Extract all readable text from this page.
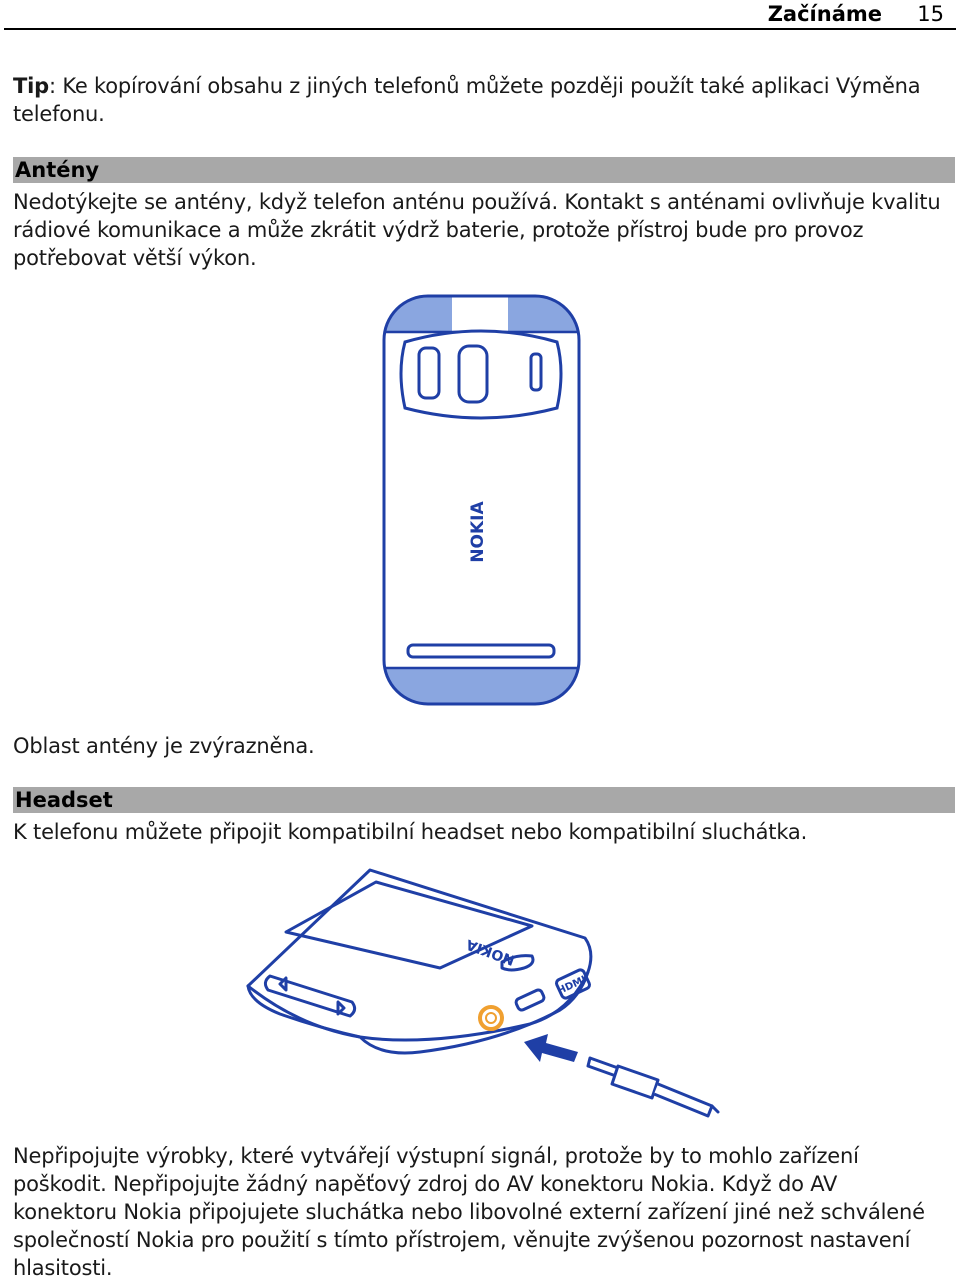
Začínáme 15
Tip: Ke kopírování obsahu z jiných telefonů můžete později použít také aplikaci Výměna telefonu.
Antény
Nedotýkejte se antény, když telefon anténu používá. Kontakt s anténami ovlivňuje kvalitu rádiové komunikace a může zkrátit výdrž baterie, protože přístroj bude pro provoz potřebovat větší výkon.
NOKIA
Oblast antény je zvýrazněna.
Headset
K telefonu můžete připojit kompatibilní headset nebo kompatibilní sluchátka.
HDMI
NOKIA
Nepřipojujte výrobky, které vytvářejí výstupní signál, protože by to mohlo zařízení poškodit. Nepřipojujte žádný napěťový zdroj do AV konektoru Nokia. Když do AV konektoru Nokia připojujete sluchátka nebo libovolné externí zařízení jiné než schválené společností Nokia pro použití s tímto přístrojem, věnujte zvýšenou pozornost nastavení hlasitosti.
